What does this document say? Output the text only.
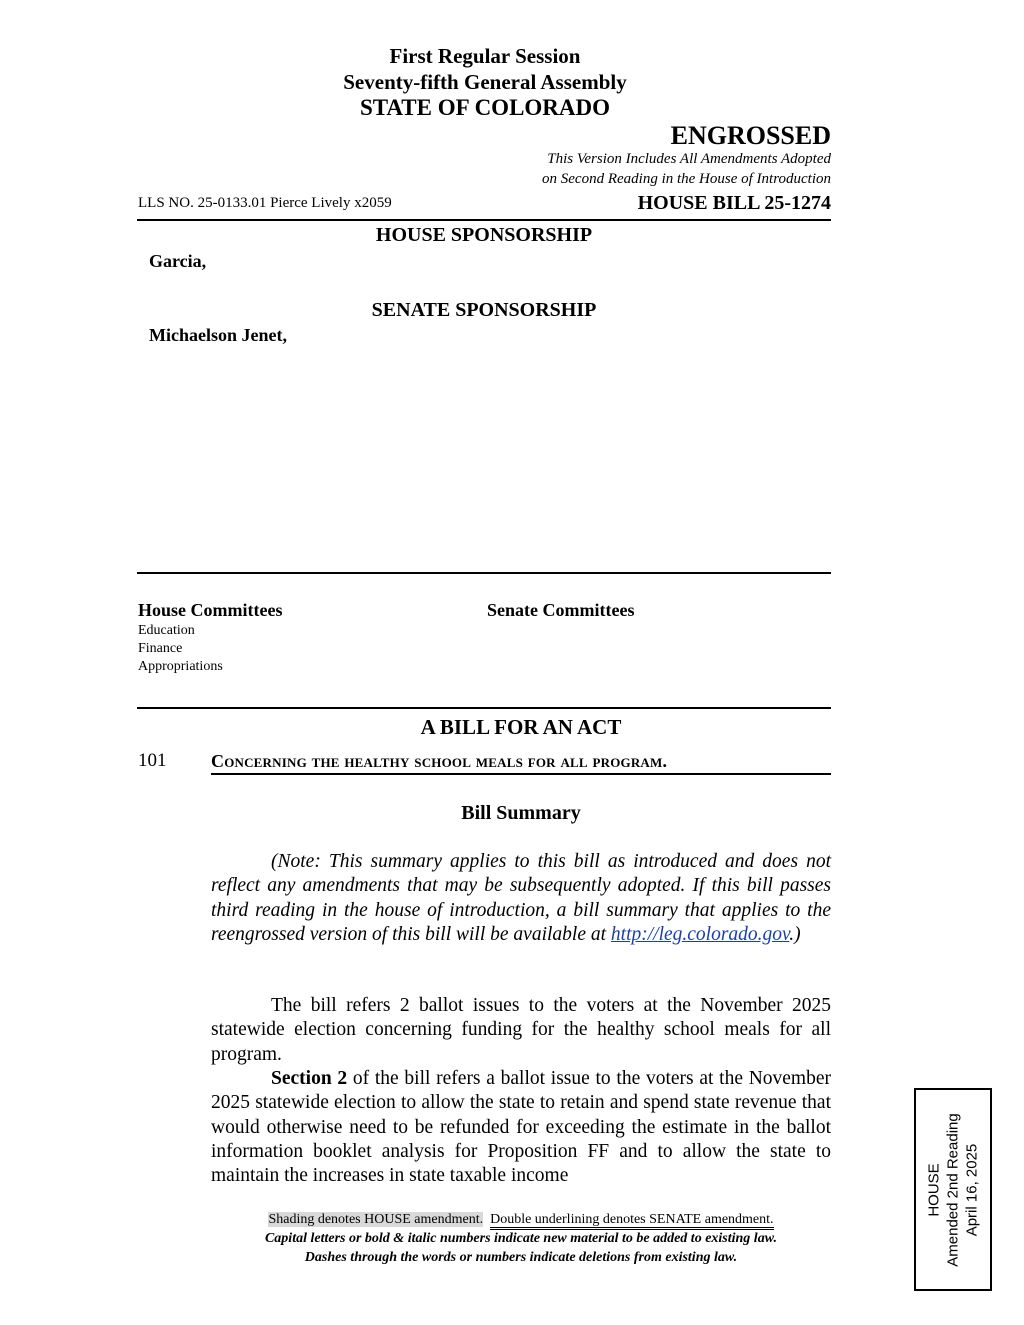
First Regular Session
Seventy-fifth General Assembly
STATE OF COLORADO
ENGROSSED
This Version Includes All Amendments Adopted
on Second Reading in the House of Introduction
LLS NO. 25-0133.01 Pierce Lively x2059	HOUSE BILL 25-1274
HOUSE SPONSORSHIP
Garcia,
SENATE SPONSORSHIP
Michaelson Jenet,
House Committees	Senate Committees
Education
Finance
Appropriations
A BILL FOR AN ACT
101 Concerning the healthy school meals for all program.
Bill Summary
(Note: This summary applies to this bill as introduced and does not reflect any amendments that may be subsequently adopted. If this bill passes third reading in the house of introduction, a bill summary that applies to the reengrossed version of this bill will be available at http://leg.colorado.gov.)
The bill refers 2 ballot issues to the voters at the November 2025 statewide election concerning funding for the healthy school meals for all program.
Section 2 of the bill refers a ballot issue to the voters at the November 2025 statewide election to allow the state to retain and spend state revenue that would otherwise need to be refunded for exceeding the estimate in the ballot information booklet analysis for Proposition FF and to allow the state to maintain the increases in state taxable income
Shading denotes HOUSE amendment. Double underlining denotes SENATE amendment.
Capital letters or bold & italic numbers indicate new material to be added to existing law.
Dashes through the words or numbers indicate deletions from existing law.
HOUSE Amended 2nd Reading April 16, 2025
